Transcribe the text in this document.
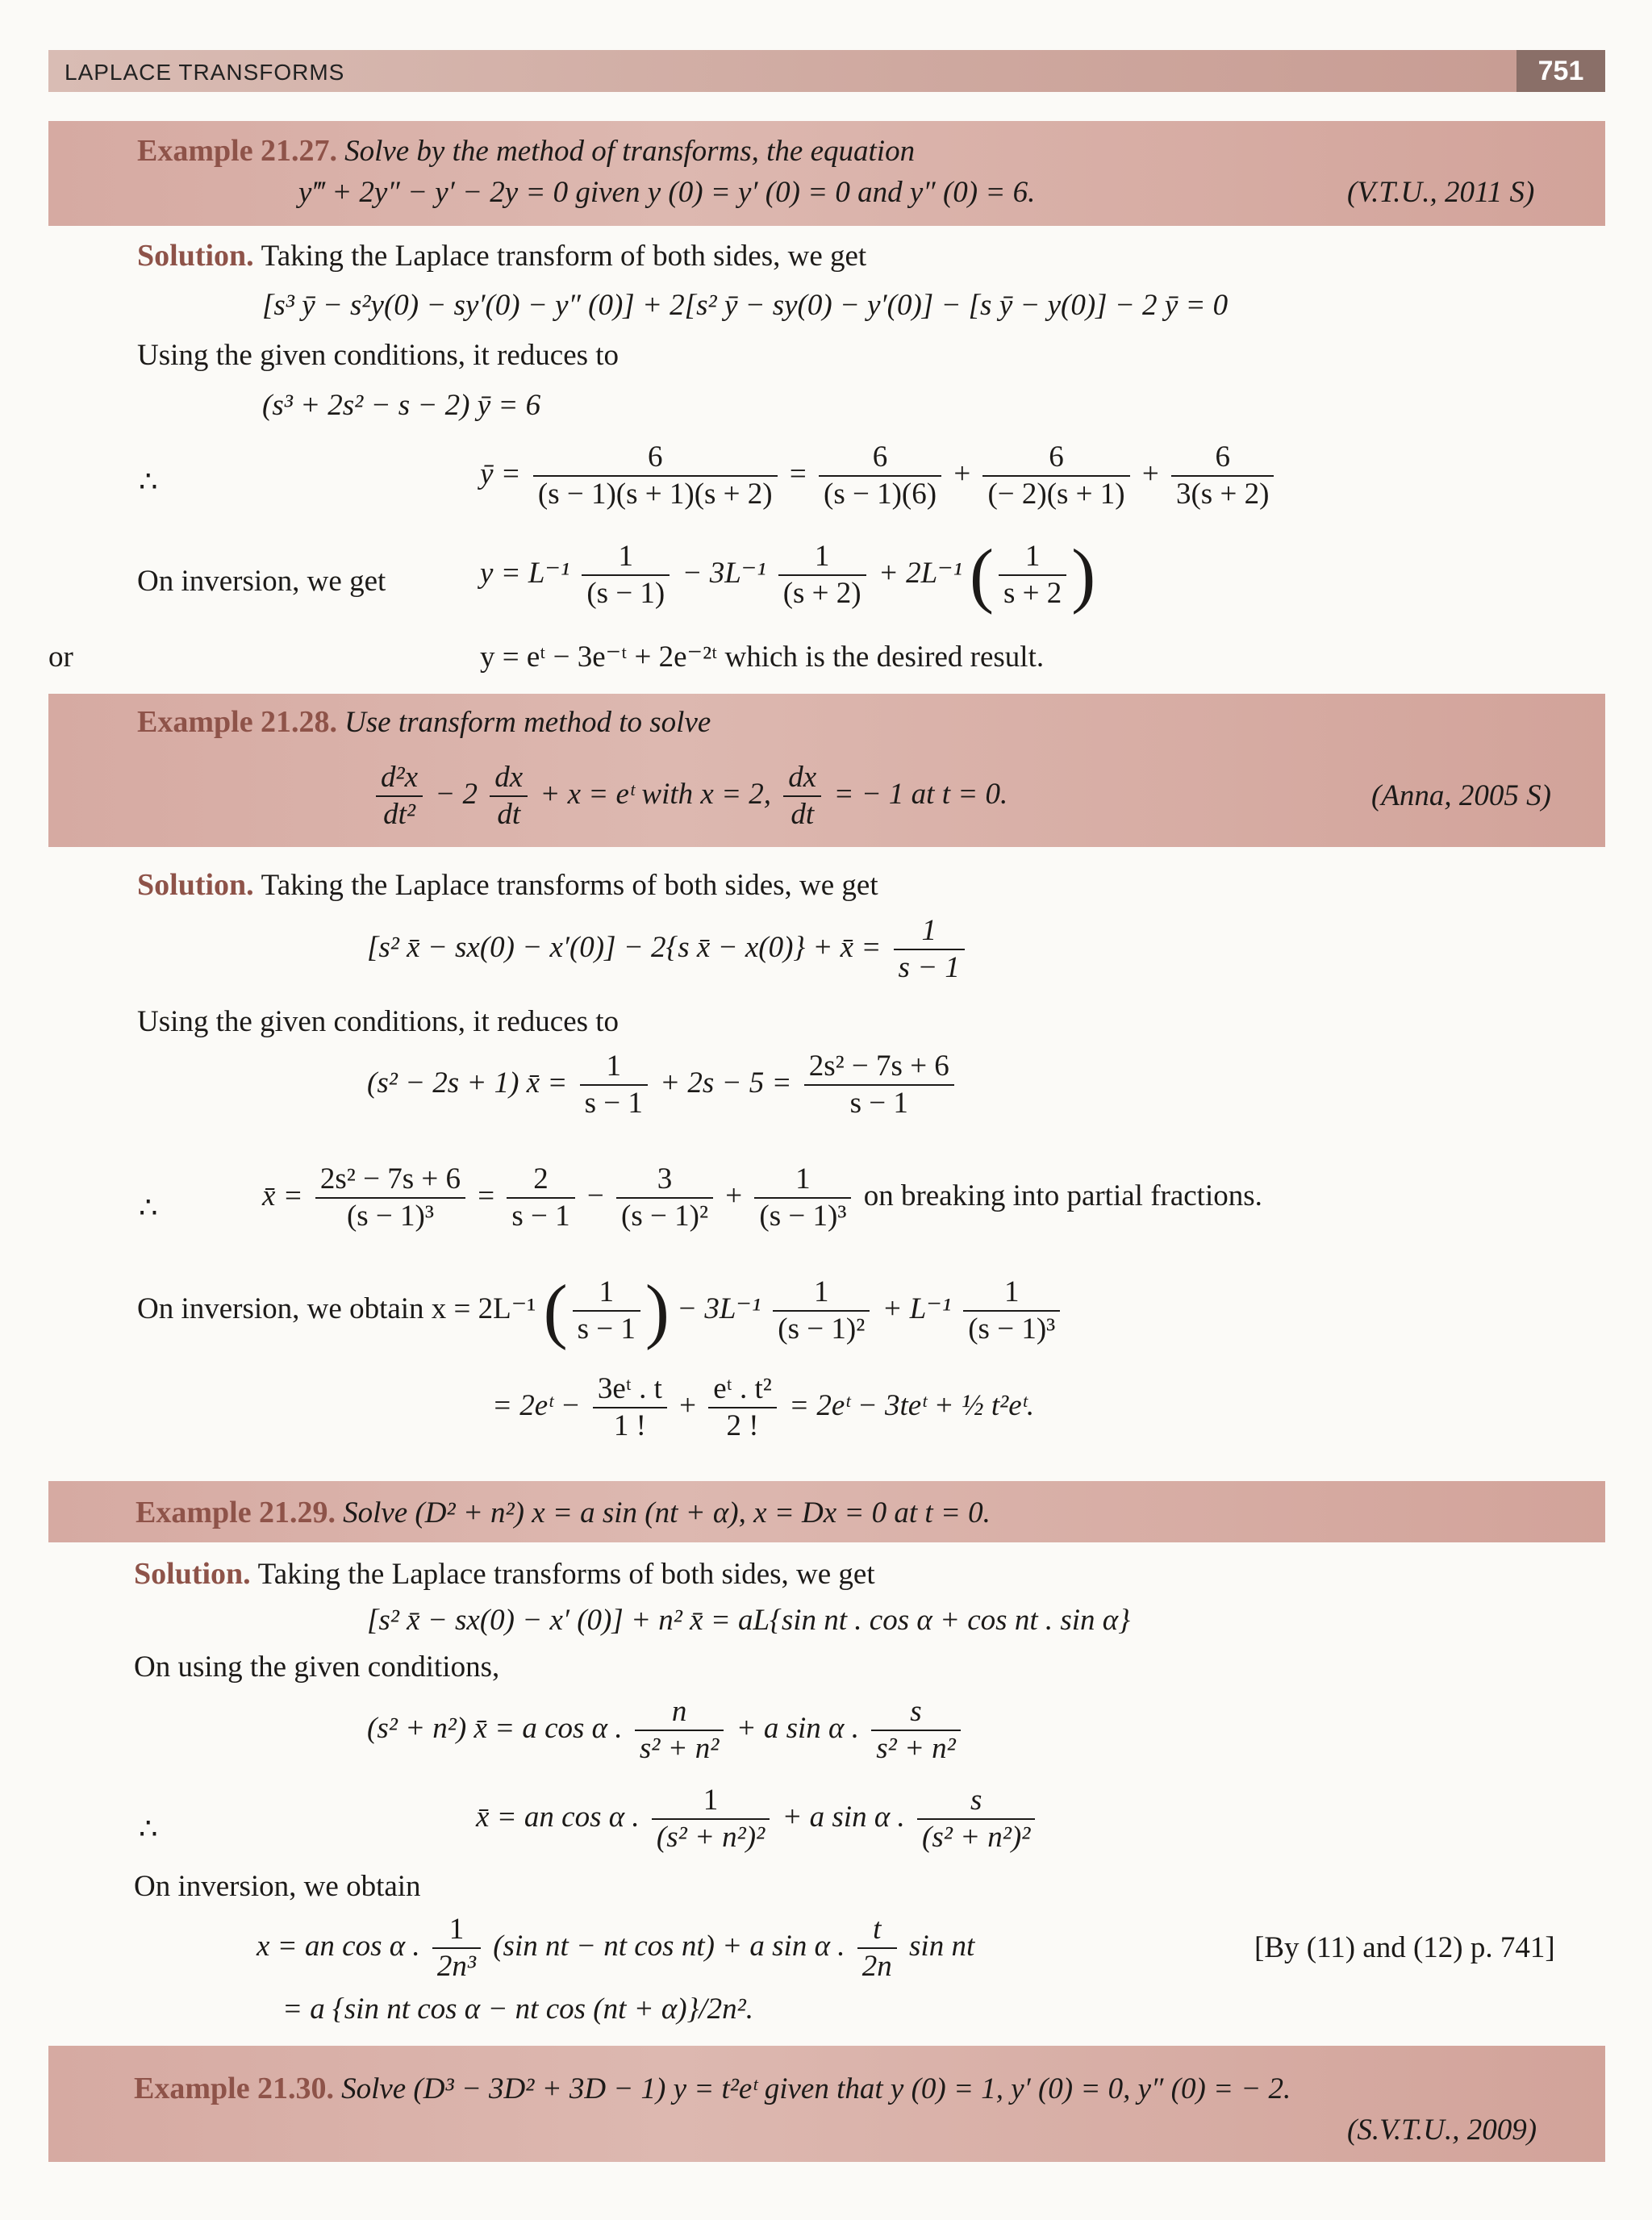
LAPLACE TRANSFORMS	751
Example 21.27. Solve by the method of transforms, the equation
y‴ + 2y″ − y′ − 2y = 0 given y (0) = y′ (0) = 0 and y″ (0) = 6.	(V.T.U., 2011 S)
Solution. Taking the Laplace transform of both sides, we get
[s³ ȳ − s²y(0) − sy′(0) − y″ (0)] + 2[s² ȳ − sy(0) − y′(0)] − [s ȳ − y(0)] − 2 ȳ = 0
Using the given conditions, it reduces to
(s³ + 2s² − s − 2) ȳ = 6
∴	ȳ = $\frac{6}{(s - 1)(s + 1)(s + 2)} = \frac{6}{(s - 1)(6)} + \frac{6}{(- 2)(s + 1)} + \frac{6}{3(s + 2)}$
On inversion, we get	$y = L^{-1} \frac{1}{(s - 1)} - 3L^{-1} \frac{1}{(s + 2)} + 2L^{-1}$ ( $\frac{1}{s + 2}$ )
or	y = eᵗ − 3e⁻ᵗ + 2e⁻²ᵗ which is the desired result.
Example 21.28. Use transform method to solve
$\frac{\text{d²x}}{\text{dt²}} - 2 \frac{dx}{dt} + x$ = eᵗ with x = 2, $\frac{dx}{dt}$ = − 1 at t = 0.	(Anna, 2005 S)
Solution. Taking the Laplace transforms of both sides, we get
[s² x̄ − sx(0) − x′(0)] − 2{s x̄ − x(0)} + x̄ = $\frac{1}{s - 1}$
Using the given conditions, it reduces to
(s² − 2s + 1) x̄ = $\frac{1}{s - 1} + 2s - 5 = \frac{\text{2s² − 7s + 6}}{s - 1}$
∴	x̄ = $\frac{\text{2s² − 7s + 6}}{\text{(s − 1)³}} = \frac{2}{s - 1} - \frac{3}{\text{(s − 1)²}} + \frac{1}{\text{(s − 1)³}}$ on breaking into partial fractions.
On inversion, we obtain x = 2L⁻¹ ( $\frac{1}{s - 1}$ ) − $3L^{-1} \frac{1}{\text{(s − 1)²}} + L^{-1} \frac{1}{\text{(s − 1)³}}$
= 2eᵗ − $\frac{\text{3eᵗ . t}}{1 !} + \frac{\text{eᵗ . t²}}{2 !}$ = 2eᵗ − 3teᵗ + ½ t²eᵗ.
Example 21.29. Solve (D² + n²) x = a sin (nt + α), x = Dx = 0 at t = 0.
Solution. Taking the Laplace transforms of both sides, we get
[s² x̄ − sx(0) − x′ (0)] + n² x̄ = aL{sin nt . cos α + cos nt . sin α}
On using the given conditions,
(s² + n²) x̄ = a cos α . $\frac{n}{\text{s² + n²}} + a$ sin α . $\frac{s}{\text{s² + n²}}$
∴	x̄ = an cos α . $\frac{1}{\text{(s² + n²)²}} + a$ sin α . $\frac{s}{\text{(s² + n²)²}}$
On inversion, we obtain
x = an cos α . $\frac{1}{\text{2n³}} (\sin$ nt − nt cos nt) + a sin α . $\frac{t}{2n}$ sin nt	[By (11) and (12) p. 741]
= a {sin nt cos α − nt cos (nt + α)}/2n².
Example 21.30. Solve (D³ − 3D² + 3D − 1) y = t²eᵗ given that y (0) = 1, y′ (0) = 0, y″ (0) = − 2.
(S.V.T.U., 2009)
